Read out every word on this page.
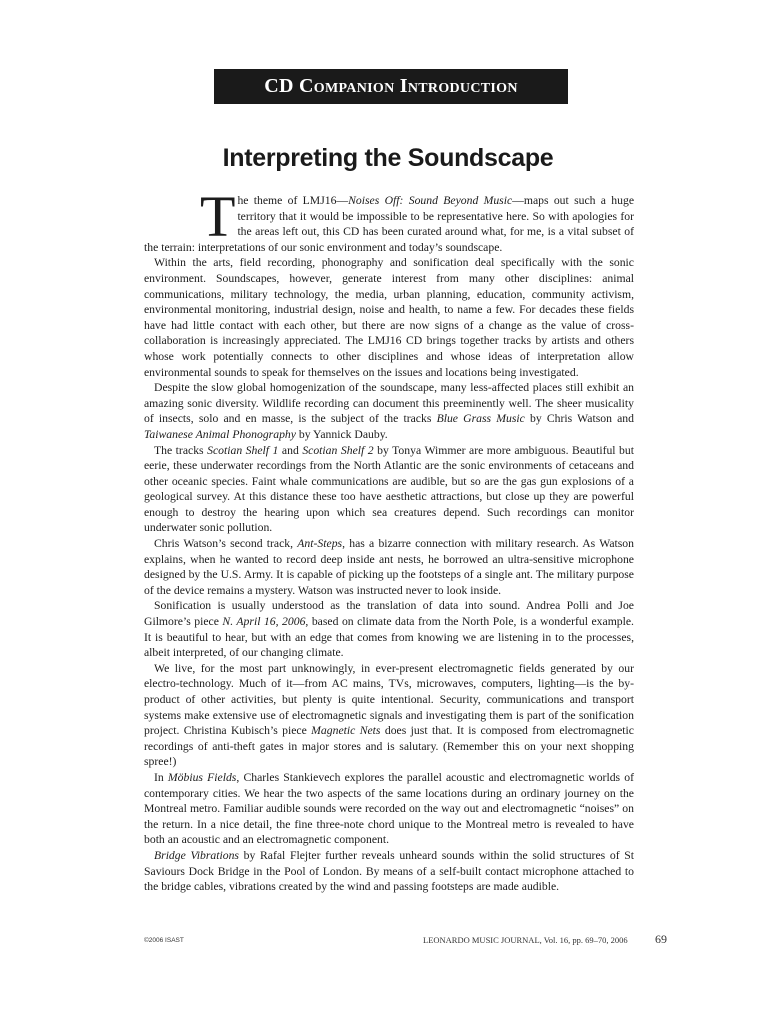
CD Companion Introduction
Interpreting the Soundscape

The theme of LMJ16—Noises Off: Sound Beyond Music—maps out such a huge territory that it would be impossible to be representative here. So with apologies for the areas left out, this CD has been curated around what, for me, is a vital subset of the terrain: interpretations of our sonic environment and today’s soundscape.

Within the arts, field recording, phonography and sonification deal specifically with the sonic environment. Soundscapes, however, generate interest from many other disciplines: animal communications, military technology, the media, urban planning, education, community activism, environmental monitoring, industrial design, noise and health, to name a few. For decades these fields have had little contact with each other, but there are now signs of a change as the value of cross-collaboration is increasingly appreciated. The LMJ16 CD brings together tracks by artists and others whose work potentially connects to other disciplines and whose ideas of interpretation allow environmental sounds to speak for themselves on the issues and locations being investigated.

Despite the slow global homogenization of the soundscape, many less-affected places still exhibit an amazing sonic diversity. Wildlife recording can document this preeminently well. The sheer musicality of insects, solo and en masse, is the subject of the tracks Blue Grass Music by Chris Watson and Taiwanese Animal Phonography by Yannick Dauby.

The tracks Scotian Shelf 1 and Scotian Shelf 2 by Tonya Wimmer are more ambiguous. Beautiful but eerie, these underwater recordings from the North Atlantic are the sonic environments of cetaceans and other oceanic species. Faint whale communications are audible, but so are the gas gun explosions of a geological survey. At this distance these too have aesthetic attractions, but close up they are powerful enough to destroy the hearing upon which sea creatures depend. Such recordings can monitor underwater sonic pollution.

Chris Watson’s second track, Ant-Steps, has a bizarre connection with military research. As Watson explains, when he wanted to record deep inside ant nests, he borrowed an ultra-sensitive microphone designed by the U.S. Army. It is capable of picking up the footsteps of a single ant. The military purpose of the device remains a mystery. Watson was instructed never to look inside.

Sonification is usually understood as the translation of data into sound. Andrea Polli and Joe Gilmore’s piece N. April 16, 2006, based on climate data from the North Pole, is a wonderful example. It is beautiful to hear, but with an edge that comes from knowing we are listening in to the processes, albeit interpreted, of our changing climate.

We live, for the most part unknowingly, in ever-present electromagnetic fields generated by our electro-technology. Much of it—from AC mains, TVs, microwaves, computers, lighting—is the by-product of other activities, but plenty is quite intentional. Security, communications and transport systems make extensive use of electromagnetic signals and investigating them is part of the sonification project. Christina Kubisch’s piece Magnetic Nets does just that. It is composed from electromagnetic recordings of anti-theft gates in major stores and is salutary. (Remember this on your next shopping spree!)

In Möbius Fields, Charles Stankievech explores the parallel acoustic and electromagnetic worlds of contemporary cities. We hear the two aspects of the same locations during an ordinary journey on the Montreal metro. Familiar audible sounds were recorded on the way out and electromagnetic “noises” on the return. In a nice detail, the fine three-note chord unique to the Montreal metro is revealed to have both an acoustic and an electromagnetic component.

Bridge Vibrations by Rafal Flejter further reveals unheard sounds within the solid structures of St Saviours Dock Bridge in the Pool of London. By means of a self-built contact microphone attached to the bridge cables, vibrations created by the wind and passing footsteps are made audible.

©2006 ISAST	LEONARDO MUSIC JOURNAL, Vol. 16, pp. 69–70, 2006 69
